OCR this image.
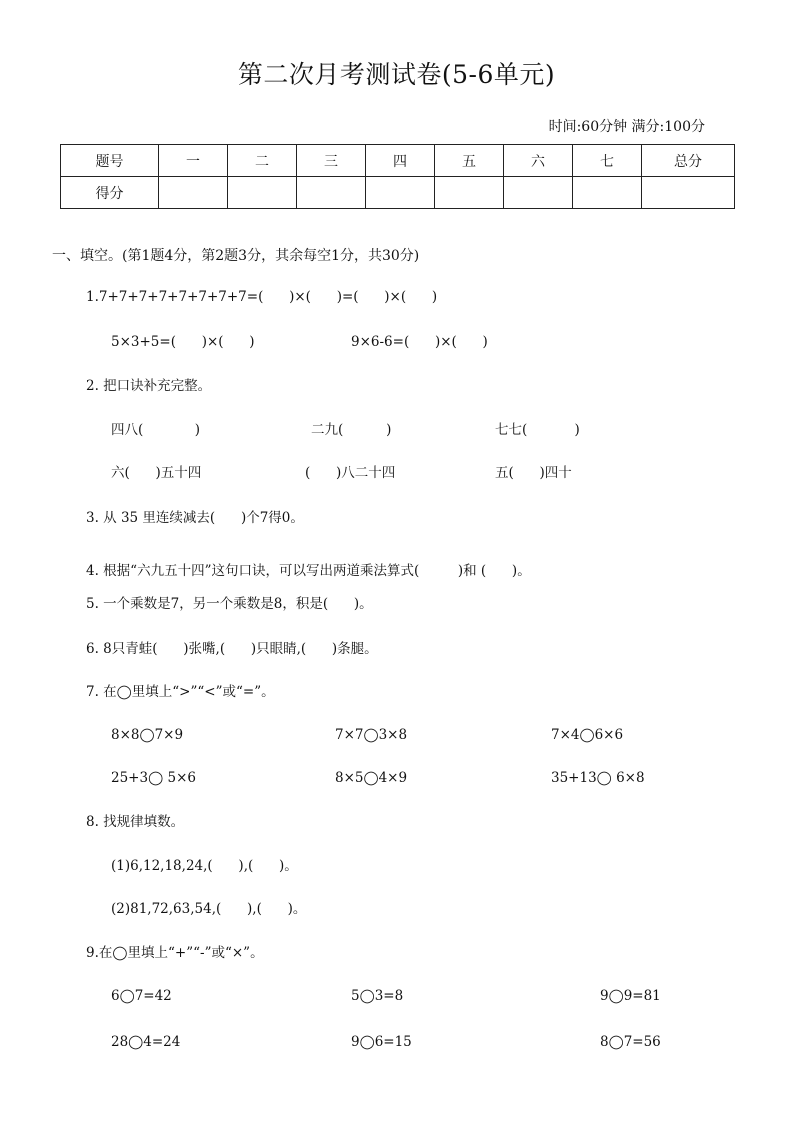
第二次月考测试卷(5-6单元)
时间:60分钟 满分:100分
题号	一	二	三	四	五	六	七	总分
得分								
一、填空。(第1题4分，第2题3分，其余每空1分，共30分)
1.7+7+7+7+7+7+7+7=(      )×(      )=(      )×(      )
5×3+5=(      )×(      )	9×6-6=(      )×(      )
2. 把口诀补充完整。
四八(            )	二九(          )	七七(           )
六(      )五十四	(      )八二十四	五(      )四十
3. 从 35 里连续减去(      )个7得0。
4. 根据“六九五十四”这句口诀，可以写出两道乘法算式(         )和 (      )。
5. 一个乘数是7，另一个乘数是8，积是(      )。
6. 8只青蛙(      )张嘴,(      )只眼睛,(      )条腿。
7. 在◯里填上“>”“<”或“=”。
8×8◯7×9	7×7◯3×8	7×4◯6×6
25+3◯ 5×6	8×5◯4×9	35+13◯ 6×8
8. 找规律填数。
(1)6,12,18,24,(      ),(      )。
(2)81,72,63,54,(      ),(      )。
9.在◯里填上“+”“-”或“×”。
6◯7=42	5◯3=8	9◯9=81
28◯4=24	9◯6=15	8◯7=56
